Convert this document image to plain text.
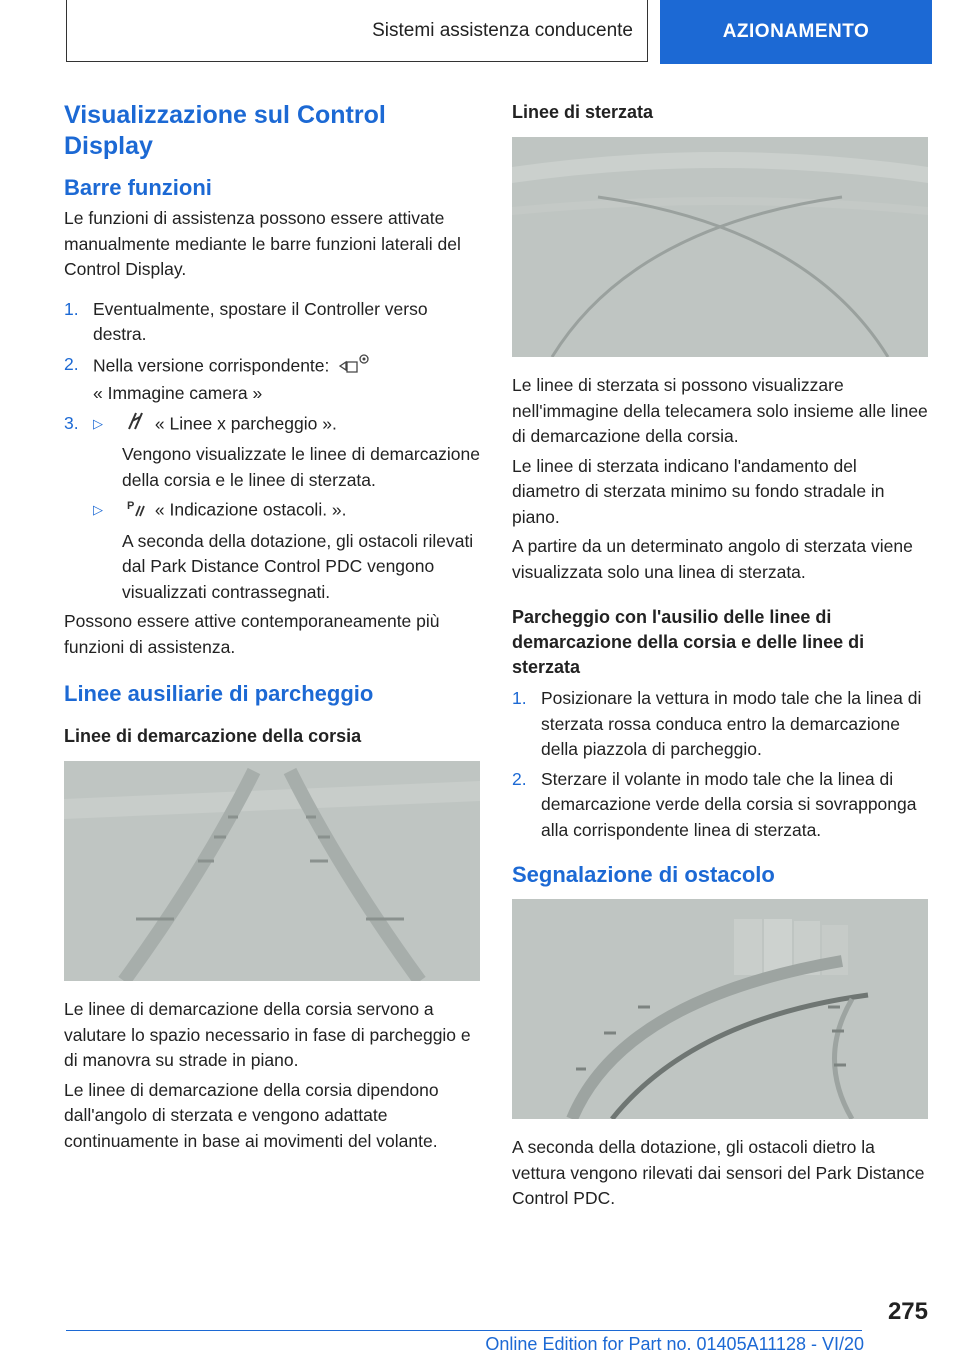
Sistemi assistenza conducente	AZIONAMENTO
Visualizzazione sul Control Display
Barre funzioni

Le funzioni di assistenza possono essere attivate manualmente mediante le barre funzioni laterali del Control Display.

1. Eventualmente, spostare il Controller verso destra.
2. Nella versione corrispondente:
« Immagine camera »
3.	▷	« Linee x parcheggio ».
Vengono visualizzate le linee di demarcazione della corsia e le linee di sterzata.
▷	P « Indicazione ostacoli. ».
A seconda della dotazione, gli ostacoli rilevati dal Park Distance Control PDC vengono visualizzati contrassegnati.

Possono essere attive contemporaneamente più funzioni di assistenza.

Linee ausiliarie di parcheggio
Linee di demarcazione della corsia

Le linee di demarcazione della corsia servono a valutare lo spazio necessario in fase di parcheggio e di manovra su strade in piano.

Le linee di demarcazione della corsia dipendono dall'angolo di sterzata e vengono adattate continuamente in base ai movimenti del volante.

Linee di sterzata

Le linee di sterzata si possono visualizzare nell'immagine della telecamera solo insieme alle linee di demarcazione della corsia.

Le linee di sterzata indicano l'andamento del diametro di sterzata minimo su fondo stradale in piano.

A partire da un determinato angolo di sterzata viene visualizzata solo una linea di sterzata.

Parcheggio con l'ausilio delle linee di demarcazione della corsia e delle linee di sterzata
1. Posizionare la vettura in modo tale che la linea di sterzata rossa conduca entro la demarcazione della piazzola di parcheggio.
2. Sterzare il volante in modo tale che la linea di demarcazione verde della corsia si sovrapponga alla corrispondente linea di sterzata.
Segnalazione di ostacolo

A seconda della dotazione, gli ostacoli dietro la vettura vengono rilevati dai sensori del Park Distance Control PDC.

275
Online Edition for Part no. 01405A11128 - VI/20
